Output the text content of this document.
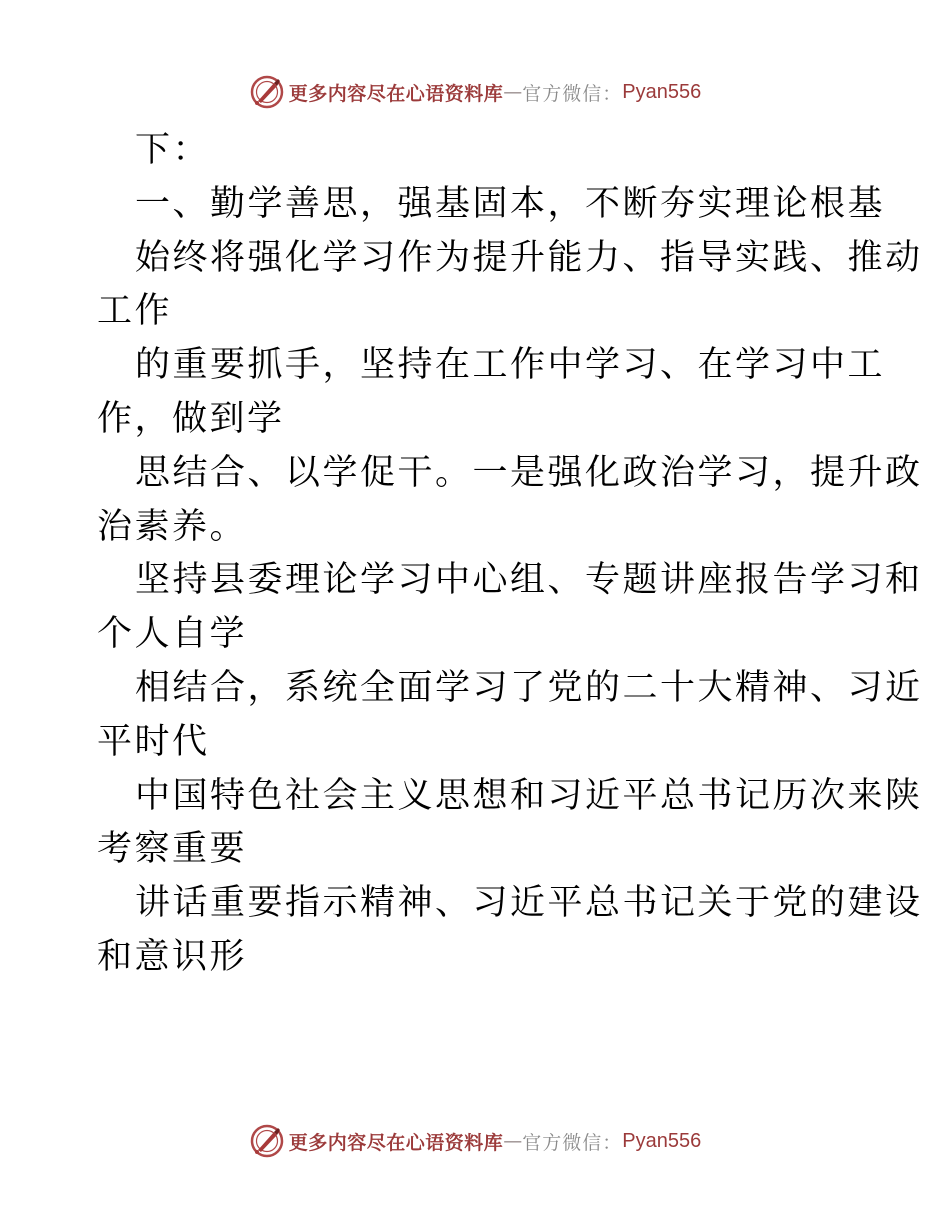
更多内容尽在心语资料库 — 官方微信： Pyan556
下：
一、勤学善思，强基固本，不断夯实理论根基
始终将强化学习作为提升能力、指导实践、推动
工作
的重要抓手，坚持在工作中学习、在学习中工
作，做到学
思结合、以学促干。一是强化政治学习，提升政
治素养。
坚持县委理论学习中心组、专题讲座报告学习和
个人自学
相结合，系统全面学习了党的二十大精神、习近
平时代
中国特色社会主义思想和习近平总书记历次来陕
考察重要
讲话重要指示精神、习近平总书记关于党的建设
和意识形
更多内容尽在心语资料库 — 官方微信： Pyan556
